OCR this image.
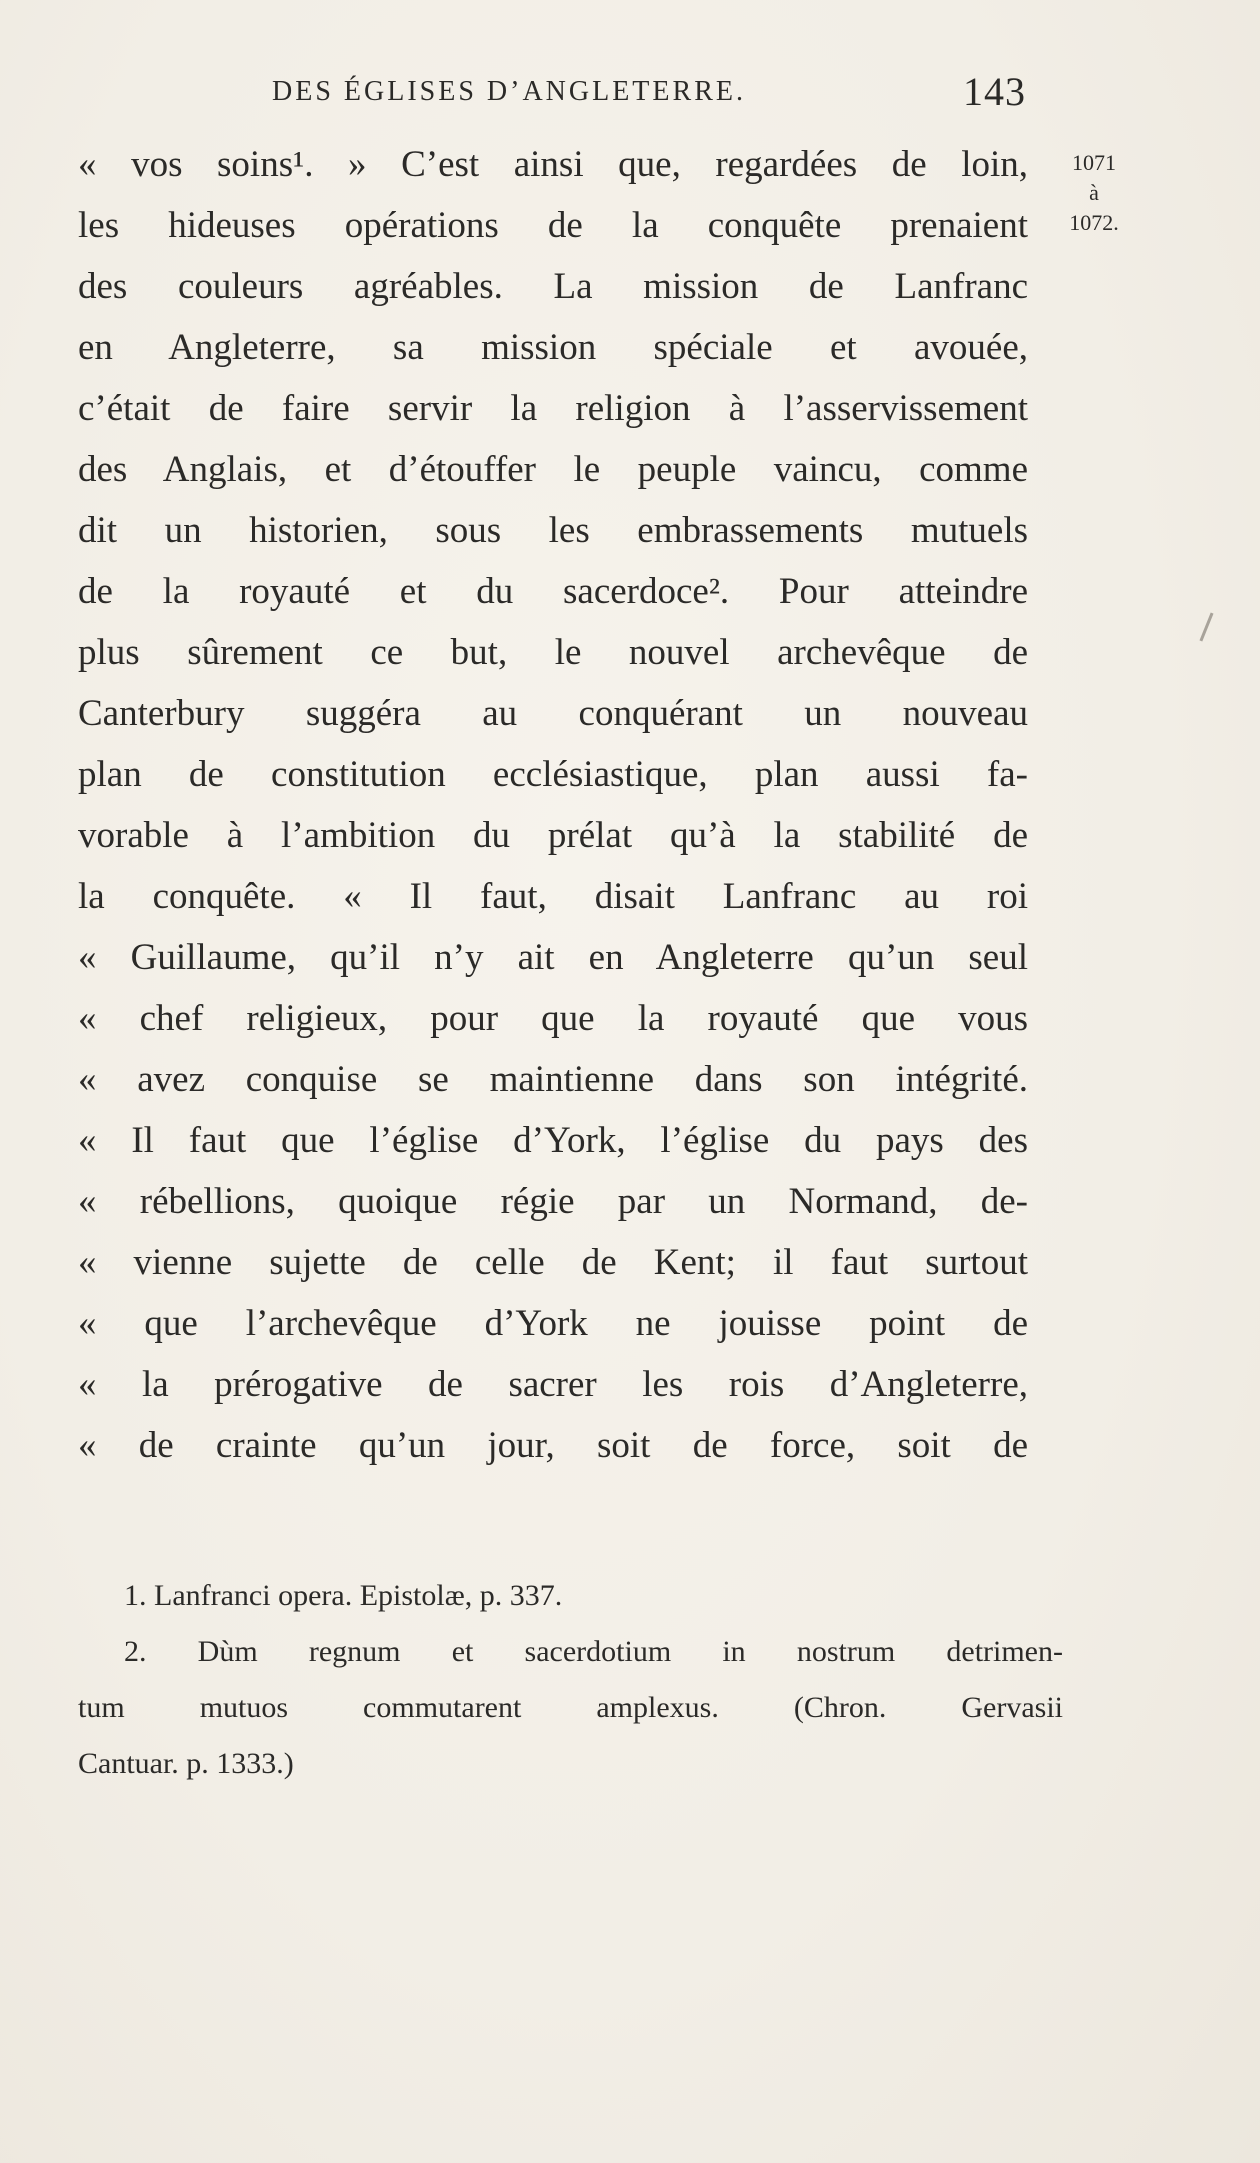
DES ÉGLISES D’ANGLETERRE.	143
1071
à
1072.
« vos soins¹. » C’est ainsi que, regardées de loin,
les hideuses opérations de la conquête prenaient
des couleurs agréables. La mission de Lanfranc
en Angleterre, sa mission spéciale et avouée,
c’était de faire servir la religion à l’asservissement
des Anglais, et d’étouffer le peuple vaincu, comme
dit un historien, sous les embrassements mutuels
de la royauté et du sacerdoce². Pour atteindre
plus sûrement ce but, le nouvel archevêque de
Canterbury suggéra au conquérant un nouveau
plan de constitution ecclésiastique, plan aussi fa-
vorable à l’ambition du prélat qu’à la stabilité de
la conquête. « Il faut, disait Lanfranc au roi
« Guillaume, qu’il n’y ait en Angleterre qu’un seul
« chef religieux, pour que la royauté que vous
« avez conquise se maintienne dans son intégrité.
« Il faut que l’église d’York, l’église du pays des
« rébellions, quoique régie par un Normand, de-
« vienne sujette de celle de Kent; il faut surtout
« que l’archevêque d’York ne jouisse point de
« la prérogative de sacrer les rois d’Angleterre,
« de crainte qu’un jour, soit de force, soit de
1. Lanfranci opera. Epistolæ, p. 337.
2. Dùm regnum et sacerdotium in nostrum detrimen-
tum mutuos commutarent amplexus. (Chron. Gervasii
Cantuar. p. 1333.)
